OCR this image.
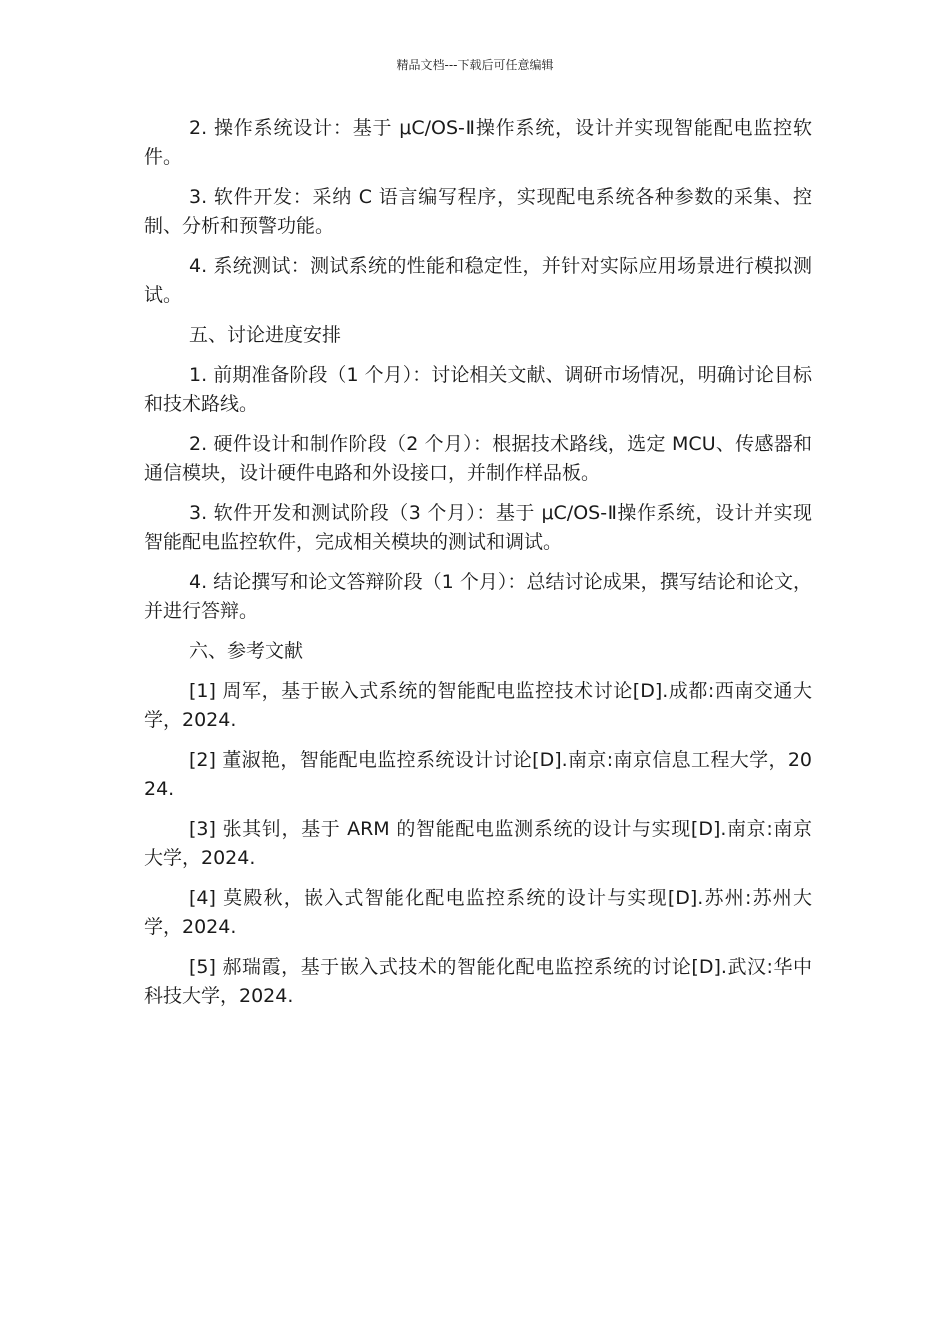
精品文档---下载后可任意编辑

2. 操作系统设计：基于 μC/OS-Ⅱ操作系统，设计并实现智能配电监控软件。

3. 软件开发：采纳 C 语言编写程序，实现配电系统各种参数的采集、控制、分析和预警功能。

4. 系统测试：测试系统的性能和稳定性，并针对实际应用场景进行模拟测试。

五、讨论进度安排

1. 前期准备阶段（1 个月）：讨论相关文献、调研市场情况，明确讨论目标和技术路线。

2. 硬件设计和制作阶段（2 个月）：根据技术路线，选定 MCU、传感器和通信模块，设计硬件电路和外设接口，并制作样品板。

3. 软件开发和测试阶段（3 个月）：基于 μC/OS-Ⅱ操作系统，设计并实现智能配电监控软件，完成相关模块的测试和调试。

4. 结论撰写和论文答辩阶段（1 个月）：总结讨论成果，撰写结论和论文，并进行答辩。

六、参考文献

[1] 周军，基于嵌入式系统的智能配电监控技术讨论[D].成都:西南交通大学，2024.

[2] 董淑艳，智能配电监控系统设计讨论[D].南京:南京信息工程大学，2024.

[3] 张其钊，基于 ARM 的智能配电监测系统的设计与实现[D].南京:南京大学，2024.

[4] 莫殿秋，嵌入式智能化配电监控系统的设计与实现[D].苏州:苏州大学，2024.

[5] 郝瑞霞，基于嵌入式技术的智能化配电监控系统的讨论[D].武汉:华中科技大学，2024.
